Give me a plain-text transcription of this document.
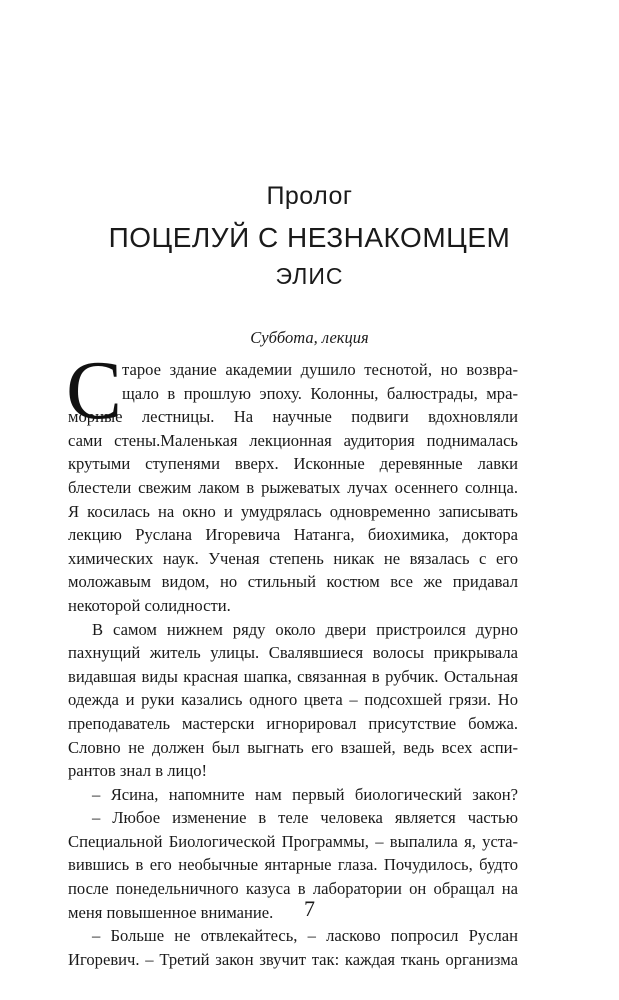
Пролог
ПОЦЕЛУЙ С НЕЗНАКОМЦЕМ
ЭЛИС
Суббота, лекция
С тарое здание академии душило теснотой, но возвра-
щало в прошлую эпоху. Колонны, балюстрады, мра-
морные лестницы. На научные подвиги вдохновляли
сами стены.Маленькая лекционная аудитория поднималась
крутыми ступенями вверх. Исконные деревянные лавки
блестели свежим лаком в рыжеватых лучах осеннего солнца.
Я косилась на окно и умудрялась одновременно записывать
лекцию Руслана Игоревича Натанга, биохимика, доктора
химических наук. Ученая степень никак не вязалась с его
моложавым видом, но стильный костюм все же придавал
некоторой солидности.
В самом нижнем ряду около двери пристроился дурно
пахнущий житель улицы. Свалявшиеся волосы прикрывала
видавшая виды красная шапка, связанная в рубчик. Остальная
одежда и руки казались одного цвета – подсохшей грязи. Но
преподаватель мастерски игнорировал присутствие бомжа.
Словно не должен был выгнать его взашей, ведь всех аспи-
рантов знал в лицо!
– Ясина, напомните нам первый биологический закон?
– Любое изменение в теле человека является частью
Специальной Биологической Программы, – выпалила я, устa-
вившись в его необычные янтарные глаза. Почудилось, будто
после понедельничного казуса в лаборатории он обращал на
меня повышенное внимание.
– Больше не отвлекайтесь, – ласково попросил Руслан
Игоревич. – Третий закон звучит так: каждая ткань организма
7
